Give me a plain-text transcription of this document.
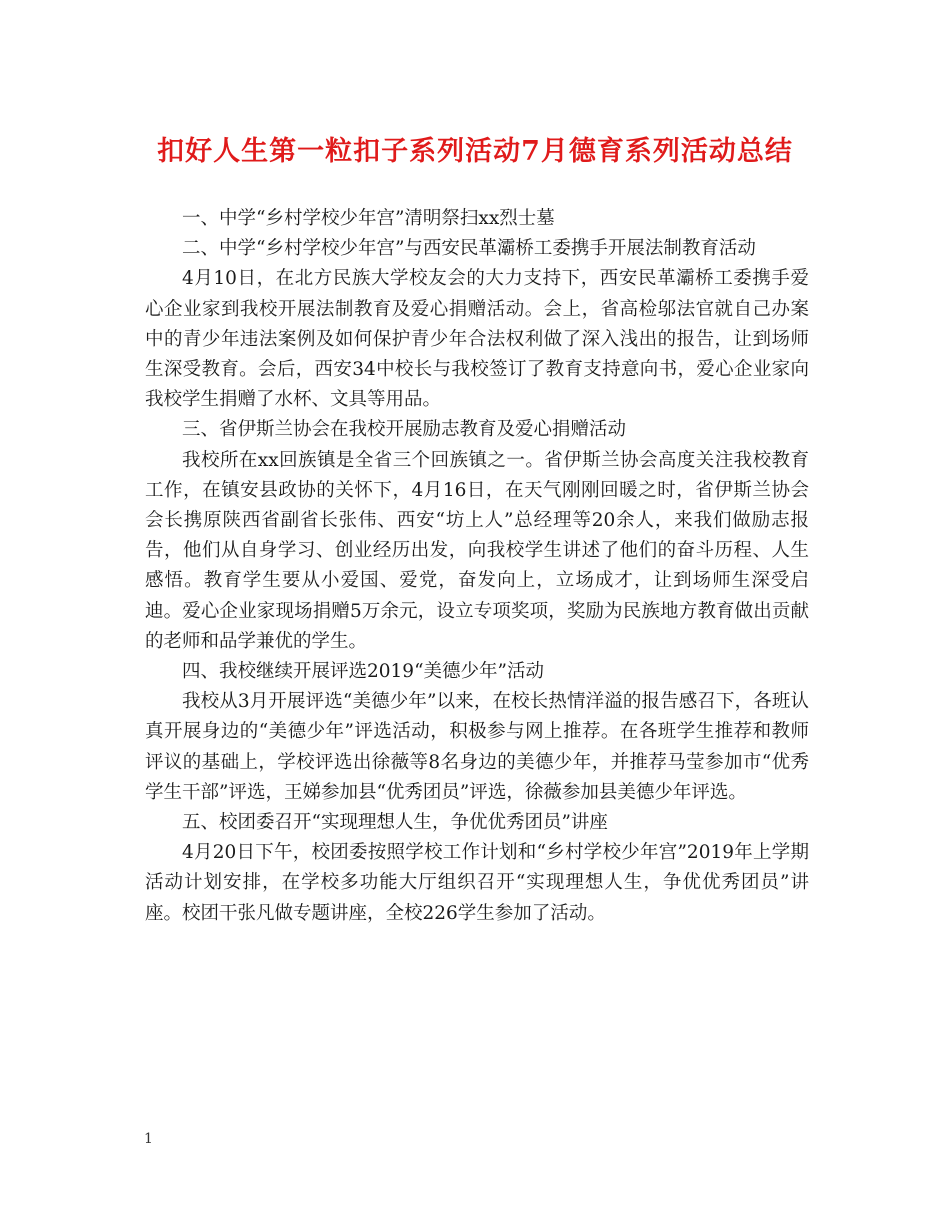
扣好人生第一粒扣子系列活动7月德育系列活动总结

一、中学“乡村学校少年宫”清明祭扫xx烈士墓

二、中学“乡村学校少年宫”与西安民革灞桥工委携手开展法制教育活动

4月10日，在北方民族大学校友会的大力支持下，西安民革灞桥工委携手爱心企业家到我校开展法制教育及爱心捐赠活动。会上，省高检邬法官就自己办案中的青少年违法案例及如何保护青少年合法权利做了深入浅出的报告，让到场师生深受教育。会后，西安34中校长与我校签订了教育支持意向书，爱心企业家向我校学生捐赠了水杯、文具等用品。

三、省伊斯兰协会在我校开展励志教育及爱心捐赠活动

我校所在xx回族镇是全省三个回族镇之一。省伊斯兰协会高度关注我校教育工作，在镇安县政协的关怀下，4月16日，在天气刚刚回暖之时，省伊斯兰协会会长携原陕西省副省长张伟、西安“坊上人”总经理等20余人，来我们做励志报告，他们从自身学习、创业经历出发，向我校学生讲述了他们的奋斗历程、人生感悟。教育学生要从小爱国、爱党，奋发向上，立场成才，让到场师生深受启迪。爱心企业家现场捐赠5万余元，设立专项奖项，奖励为民族地方教育做出贡献的老师和品学兼优的学生。

四、我校继续开展评选2019“美德少年”活动

我校从3月开展评选“美德少年”以来，在校长热情洋溢的报告感召下，各班认真开展身边的“美德少年”评选活动，积极参与网上推荐。在各班学生推荐和教师评议的基础上，学校评选出徐薇等8名身边的美德少年，并推荐马莹参加市“优秀学生干部”评选，王娣参加县“优秀团员”评选，徐薇参加县美德少年评选。

五、校团委召开“实现理想人生，争优优秀团员”讲座

4月20日下午，校团委按照学校工作计划和“乡村学校少年宫”2019年上学期活动计划安排，在学校多功能大厅组织召开“实现理想人生，争优优秀团员”讲座。校团干张凡做专题讲座，全校226学生参加了活动。

1
